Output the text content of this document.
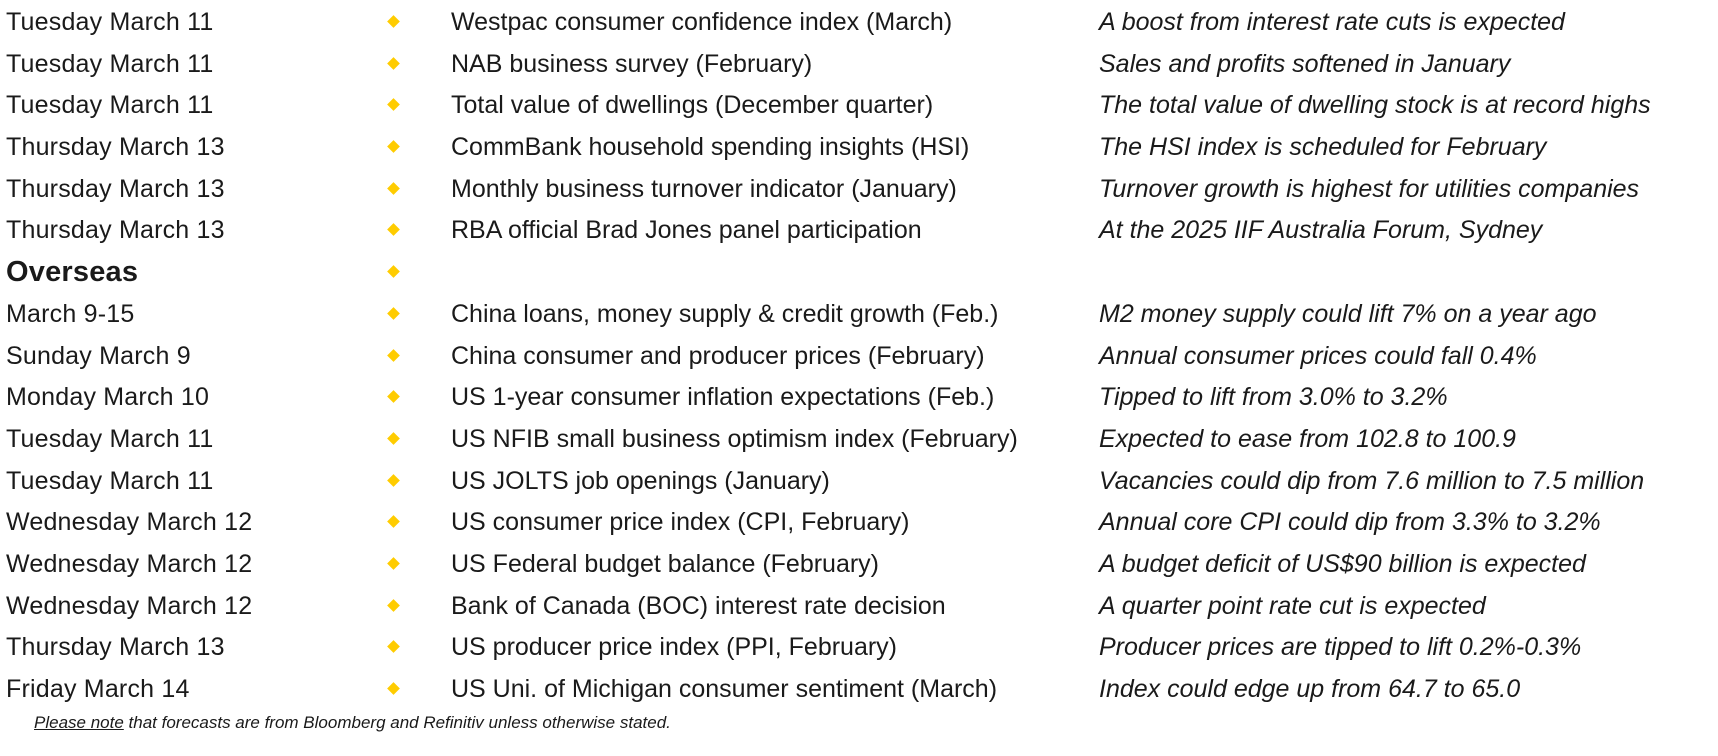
Tuesday March 11	Westpac consumer confidence index (March)	A boost from interest rate cuts is expected
Tuesday March 11	NAB business survey (February)	Sales and profits softened in January
Tuesday March 11	Total value of dwellings (December quarter)	The total value of dwelling stock is at record highs
Thursday March 13	CommBank household spending insights (HSI)	The HSI index is scheduled for February
Thursday March 13	Monthly business turnover indicator (January)	Turnover growth is highest for utilities companies
Thursday March 13	RBA official Brad Jones panel participation	At the 2025 IIF Australia Forum, Sydney
Overseas
March 9-15	China loans, money supply & credit growth (Feb.)	M2 money supply could lift 7% on a year ago
Sunday March 9	China consumer and producer prices (February)	Annual consumer prices could fall 0.4%
Monday March 10	US 1-year consumer inflation expectations (Feb.)	Tipped to lift from 3.0% to 3.2%
Tuesday March 11	US NFIB small business optimism index (February)	Expected to ease from 102.8 to 100.9
Tuesday March 11	US JOLTS job openings (January)	Vacancies could dip from 7.6 million to 7.5 million
Wednesday March 12	US consumer price index (CPI, February)	Annual core CPI could dip from 3.3% to 3.2%
Wednesday March 12	US Federal budget balance (February)	A budget deficit of US$90 billion is expected
Wednesday March 12	Bank of Canada (BOC) interest rate decision	A quarter point rate cut is expected
Thursday March 13	US producer price index (PPI, February)	Producer prices are tipped to lift 0.2%-0.3%
Friday March 14	US Uni. of Michigan consumer sentiment (March)	Index could edge up from 64.7 to 65.0
Please note that forecasts are from Bloomberg and Refinitiv unless otherwise stated.
